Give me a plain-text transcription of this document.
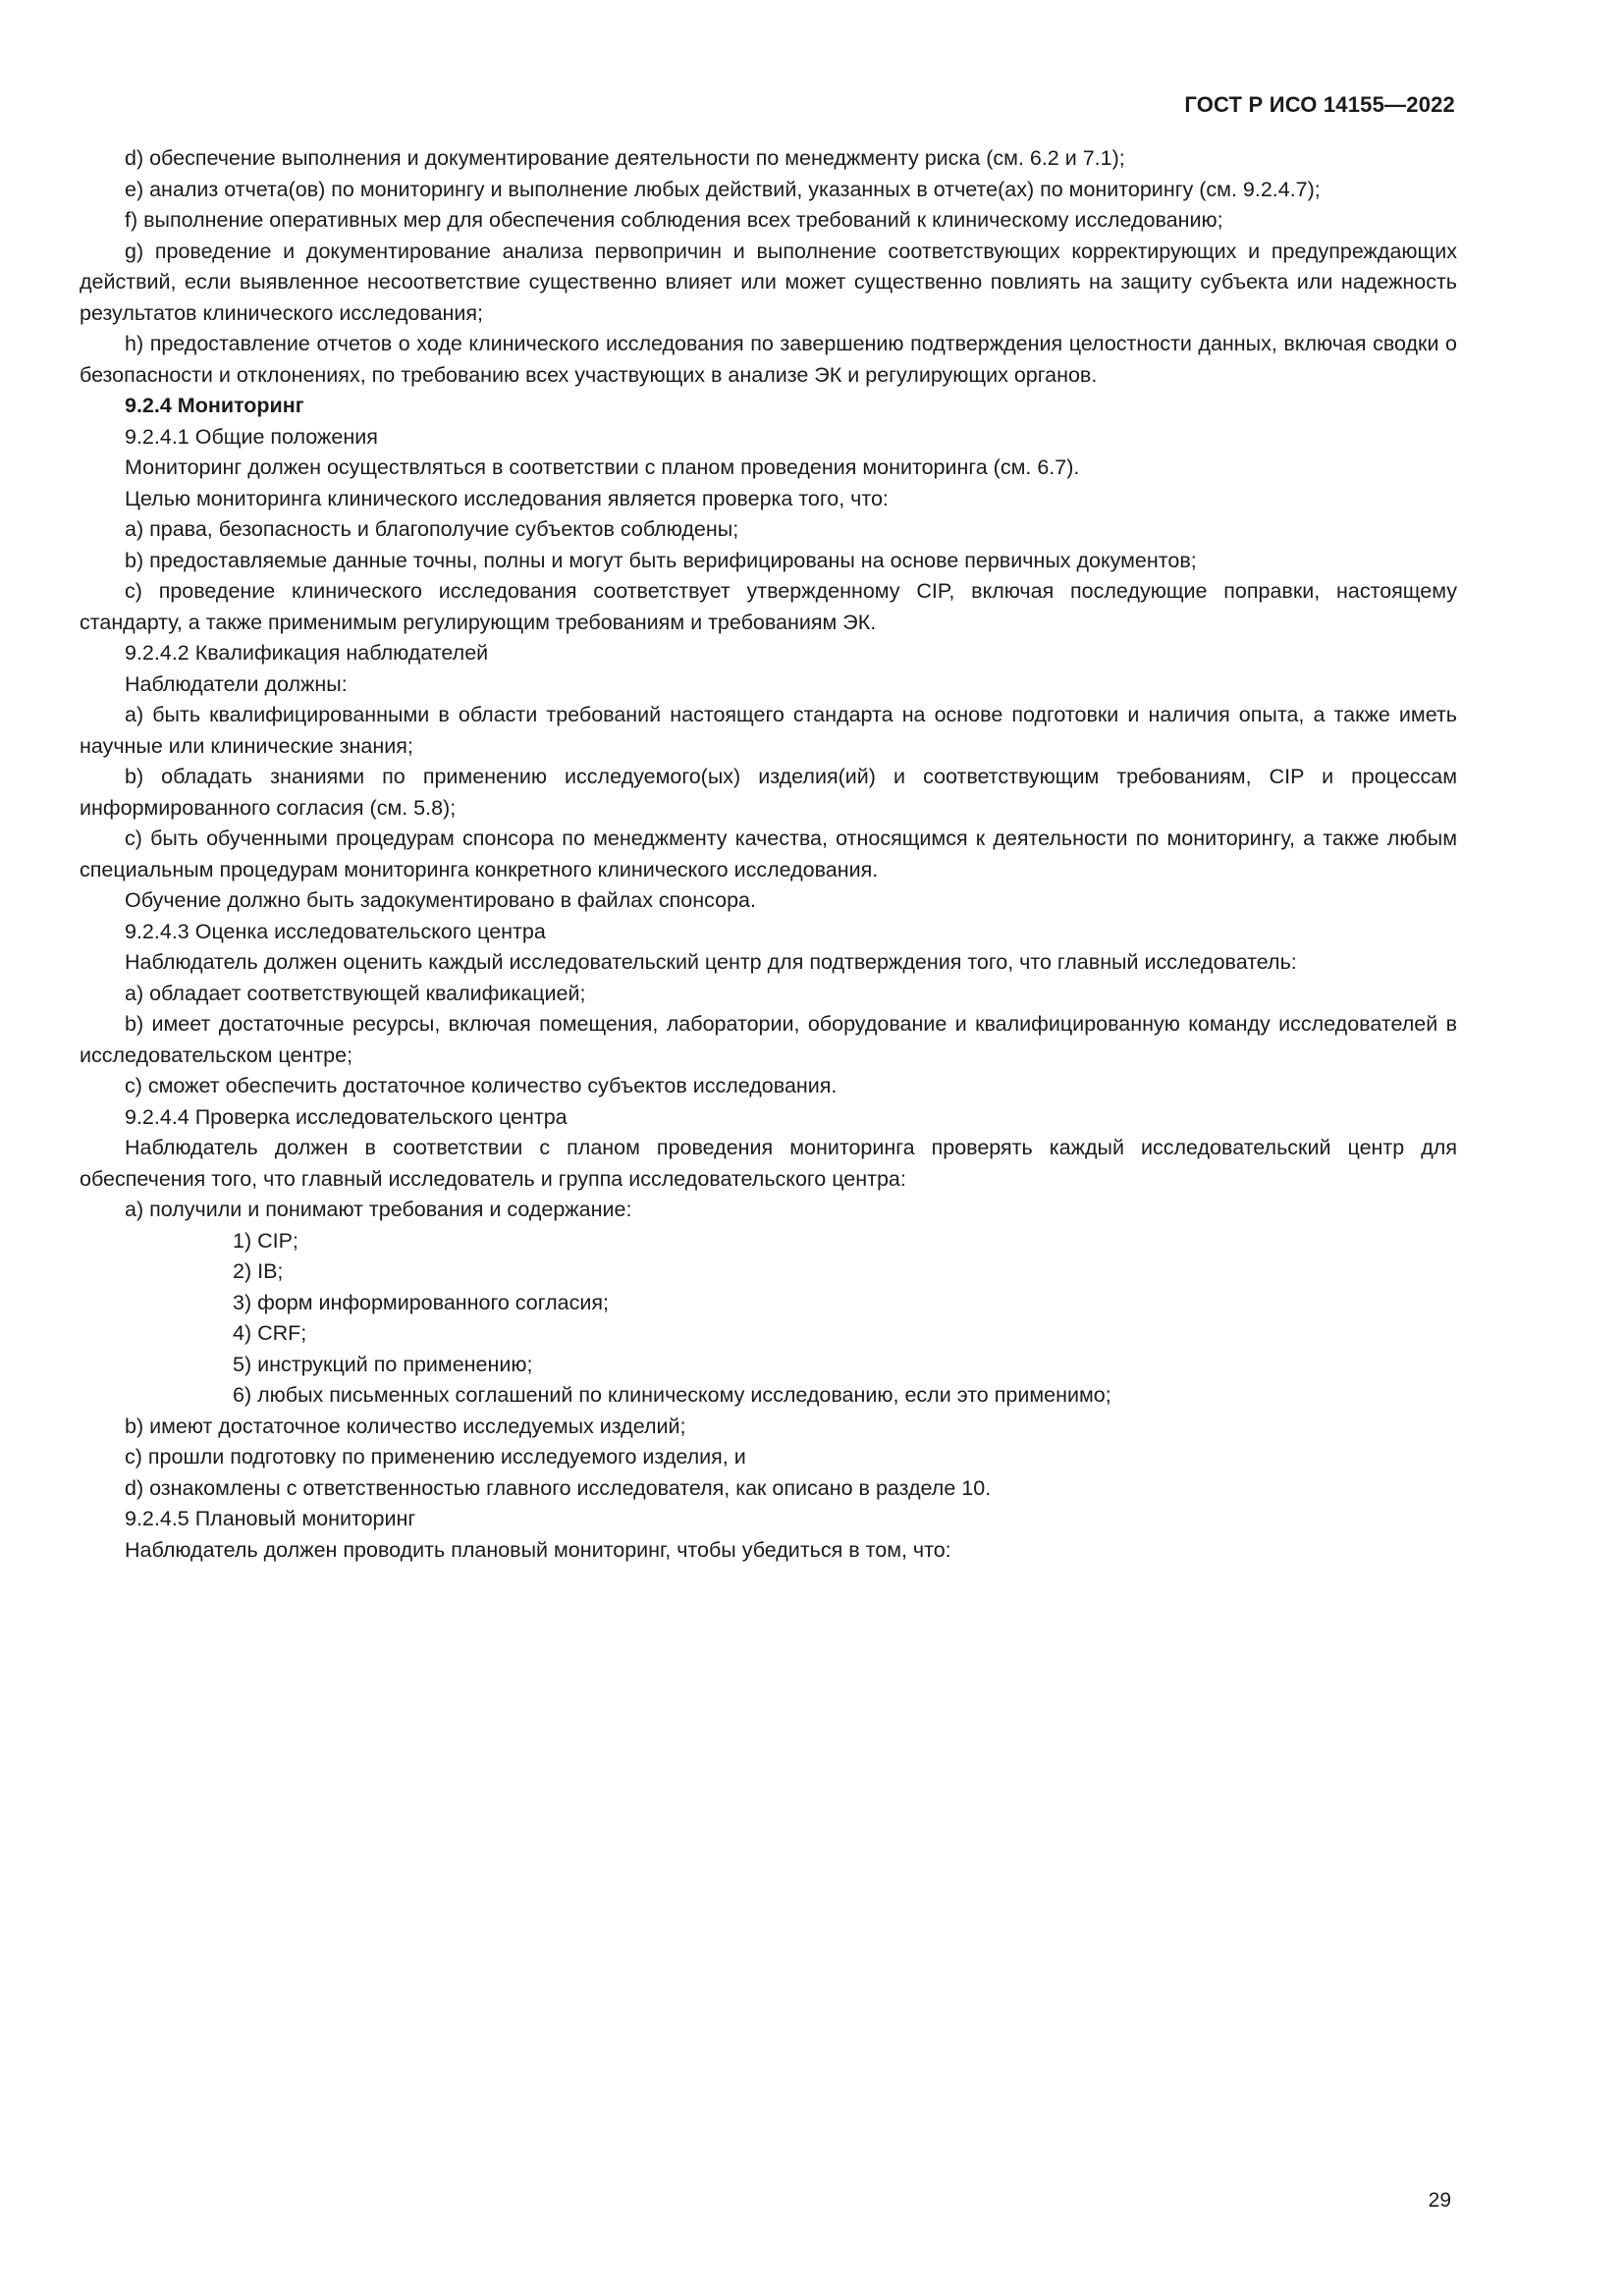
ГОСТ Р ИСО 14155—2022
d) обеспечение выполнения и документирование деятельности по менеджменту риска (см. 6.2 и 7.1);
e) анализ отчета(ов) по мониторингу и выполнение любых действий, указанных в отчете(ах) по мониторингу (см. 9.2.4.7);
f) выполнение оперативных мер для обеспечения соблюдения всех требований к клиническому исследованию;
g) проведение и документирование анализа первопричин и выполнение соответствующих корректирующих и предупреждающих действий, если выявленное несоответствие существенно влияет или может существенно повлиять на защиту субъекта или надежность результатов клинического исследования;
h) предоставление отчетов о ходе клинического исследования по завершению подтверждения целостности данных, включая сводки о безопасности и отклонениях, по требованию всех участвующих в анализе ЭК и регулирующих органов.
9.2.4 Мониторинг
9.2.4.1 Общие положения
Мониторинг должен осуществляться в соответствии с планом проведения мониторинга (см. 6.7).
Целью мониторинга клинического исследования является проверка того, что:
a) права, безопасность и благополучие субъектов соблюдены;
b) предоставляемые данные точны, полны и могут быть верифицированы на основе первичных документов;
c) проведение клинического исследования соответствует утвержденному CIP, включая последующие поправки, настоящему стандарту, а также применимым регулирующим требованиям и требованиям ЭК.
9.2.4.2 Квалификация наблюдателей
Наблюдатели должны:
a) быть квалифицированными в области требований настоящего стандарта на основе подготовки и наличия опыта, а также иметь научные или клинические знания;
b) обладать знаниями по применению исследуемого(ых) изделия(ий) и соответствующим требованиям, CIP и процессам информированного согласия (см. 5.8);
c) быть обученными процедурам спонсора по менеджменту качества, относящимся к деятельности по мониторингу, а также любым специальным процедурам мониторинга конкретного клинического исследования.
Обучение должно быть задокументировано в файлах спонсора.
9.2.4.3 Оценка исследовательского центра
Наблюдатель должен оценить каждый исследовательский центр для подтверждения того, что главный исследователь:
a) обладает соответствующей квалификацией;
b) имеет достаточные ресурсы, включая помещения, лаборатории, оборудование и квалифицированную команду исследователей в исследовательском центре;
c) сможет обеспечить достаточное количество субъектов исследования.
9.2.4.4 Проверка исследовательского центра
Наблюдатель должен в соответствии с планом проведения мониторинга проверять каждый исследовательский центр для обеспечения того, что главный исследователь и группа исследовательского центра:
a) получили и понимают требования и содержание:
1) CIP;
2) IB;
3) форм информированного согласия;
4) CRF;
5) инструкций по применению;
6) любых письменных соглашений по клиническому исследованию, если это применимо;
b) имеют достаточное количество исследуемых изделий;
c) прошли подготовку по применению исследуемого изделия, и
d) ознакомлены с ответственностью главного исследователя, как описано в разделе 10.
9.2.4.5 Плановый мониторинг
Наблюдатель должен проводить плановый мониторинг, чтобы убедиться в том, что:
29
